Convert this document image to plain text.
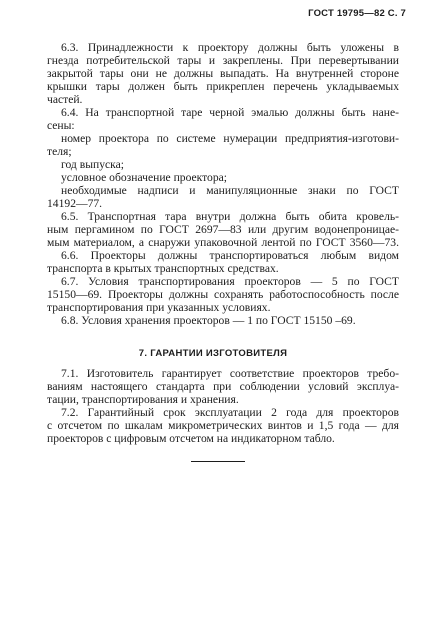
ГОСТ 19795—82 С. 7
6.3. Принадлежности к проектору должны быть уложены в
гнезда потребительской тары и закреплены. При перевертывании
закрытой тары они не должны выпадать. На внутренней стороне
крышки тары должен быть прикреплен перечень укладываемых
частей.
6.4. На транспортной таре черной эмалью должны быть нане-
сены:
номер проектора по системе нумерации предприятия-изготови-
теля;
год выпуска;
условное обозначение проектора;
необходимые надписи и манипуляционные знаки по ГОСТ
14192—77.
6.5. Транспортная тара внутри должна быть обита кровель-
ным пергамином по ГОСТ 2697—83 или другим водонепроницае-
мым материалом, а снаружи упаковочной лентой по ГОСТ 3560—73.
6.6. Проекторы должны транспортироваться любым видом
транспорта в крытых транспортных средствах.
6.7. Условия транспортирования проекторов — 5 по ГОСТ
15150—69. Проекторы должны сохранять работоспособность после
транспортирования при указанных условиях.
6.8. Условия хранения проекторов — 1 по ГОСТ 15150 –69.
7. ГАРАНТИИ ИЗГОТОВИТЕЛЯ
7.1. Изготовитель гарантирует соответствие проекторов требо-
ваниям настоящего стандарта при соблюдении условий эксплуа-
тации, транспортирования и хранения.
7.2. Гарантийный срок эксплуатации 2 года для проекторов
с отсчетом по шкалам микрометрических винтов и 1,5 года — для
проекторов с цифровым отсчетом на индикаторном табло.
